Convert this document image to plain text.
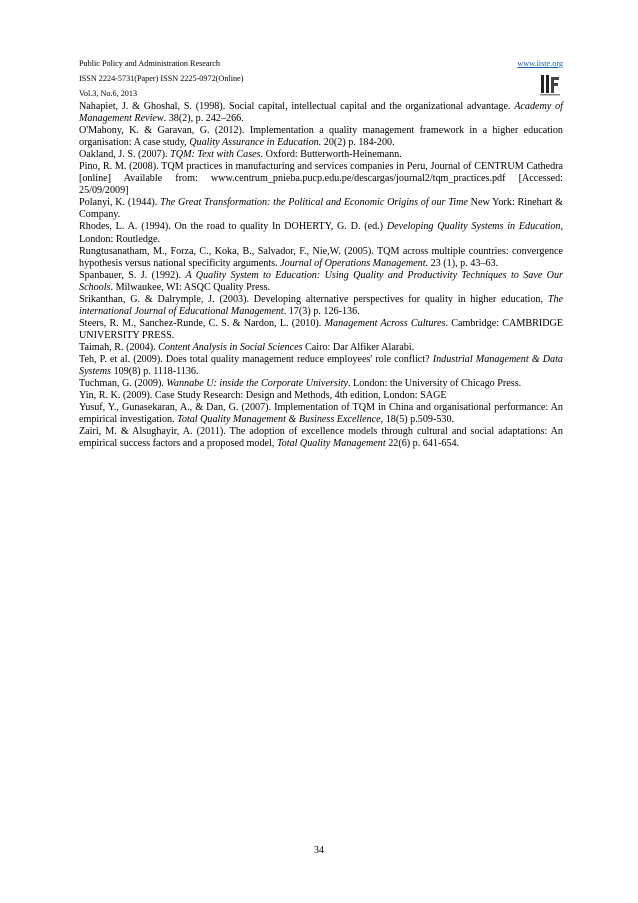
Public Policy and Administration Research
ISSN 2224-5731(Paper) ISSN 2225-0972(Online)
Vol.3, No.6, 2013
www.iiste.org

Nahapiet, J. & Ghoshal, S. (1998). Social capital, intellectual capital and the organizational advantage. Academy of Management Review. 38(2), p. 242–266.

O'Mahony, K. & Garavan, G. (2012). Implementation a quality management framework in a higher education organisation: A case study, Quality Assurance in Education. 20(2) p. 184-200.

Oakland, J. S. (2007). TQM: Text with Cases. Oxford: Butterworth-Heinemann.

Pino, R. M. (2008). TQM practices in manufacturing and services companies in Peru, Journal of CENTRUM Cathedra [online] Available from: www.centrum_pnieba.pucp.edu.pe/descargas/journal2/tqm_practices.pdf [Accessed: 25/09/2009]

Polanyi, K. (1944). The Great Transformation: the Political and Economic Origins of our Time New York: Rinehart & Company.

Rhodes, L. A. (1994). On the road to quality In DOHERTY, G. D. (ed.) Developing Quality Systems in Education, London: Routledge.

Rungtusanatham, M., Forza, C., Koka, B., Salvador, F., Nie,W. (2005). TQM across multiple countries: convergence hypothesis versus national specificity arguments. Journal of Operations Management. 23 (1), p. 43–63.

Spanbauer, S. J. (1992). A Quality System to Education: Using Quality and Productivity Techniques to Save Our Schools. Milwaukee, WI: ASQC Quality Press.

Srikanthan, G. & Dalrymple, J. (2003). Developing alternative perspectives for quality in higher education, The international Journal of Educational Management. 17(3) p. 126-136.

Steers, R. M., Sanchez-Runde, C. S. & Nardon, L. (2010). Management Across Cultures. Cambridge: CAMBRIDGE UNIVERSITY PRESS.

Taimah, R. (2004). Content Analysis in Social Sciences Cairo: Dar Alfiker Alarabi.

Teh, P. et al. (2009). Does total quality management reduce employees' role conflict? Industrial Management & Data Systems 109(8) p. 1118-1136.

Tuchman, G. (2009). Wannabe U: inside the Corporate University. London: the University of Chicago Press.

Yin, R. K. (2009). Case Study Research: Design and Methods, 4th edition, London: SAGE

Yusuf, Y., Gunasekaran, A., & Dan, G. (2007). Implementation of TQM in China and organisational performance: An empirical investigation. Total Quality Management & Business Excellence, 18(5) p.509-530.

Zairi, M. & Alsughayir, A. (2011). The adoption of excellence models through cultural and social adaptations: An empirical success factors and a proposed model, Total Quality Management 22(6) p. 641-654.

34
